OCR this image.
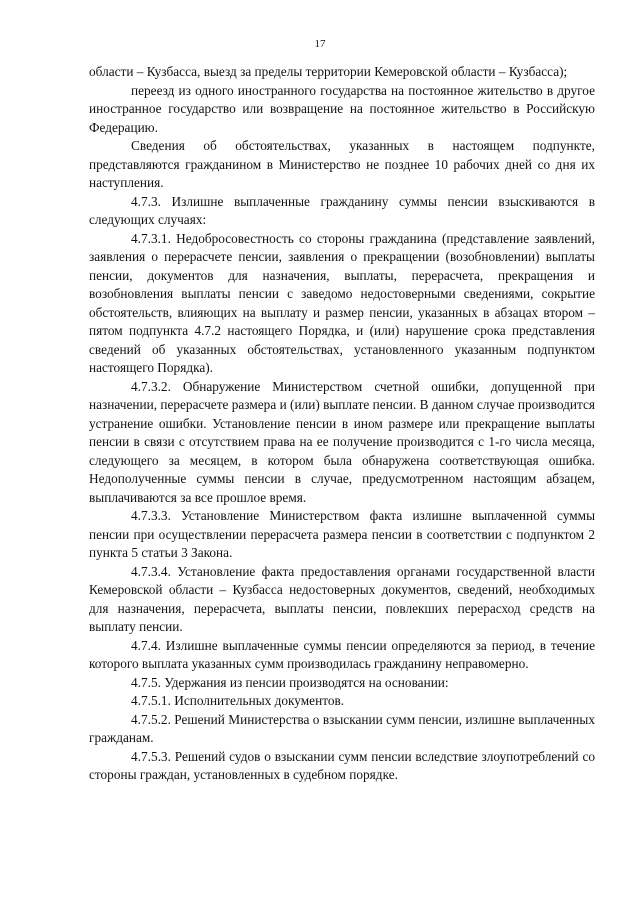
17

области – Кузбасса, выезд за пределы территории Кемеровской области – Кузбасса);

переезд из одного иностранного государства на постоянное жительство в другое иностранное государство или возвращение на постоянное жительство в Российскую Федерацию.

Сведения об обстоятельствах, указанных в настоящем подпункте, представляются гражданином в Министерство не позднее 10 рабочих дней со дня их наступления.

4.7.3. Излишне выплаченные гражданину суммы пенсии взыскиваются в следующих случаях:

4.7.3.1. Недобросовестность со стороны гражданина (представление заявлений, заявления о перерасчете пенсии, заявления о прекращении (возобновлении) выплаты пенсии, документов для назначения, выплаты, перерасчета, прекращения и возобновления выплаты пенсии с заведомо недостоверными сведениями, сокрытие обстоятельств, влияющих на выплату и размер пенсии, указанных в абзацах втором – пятом подпункта 4.7.2 настоящего Порядка, и (или) нарушение срока представления сведений об указанных обстоятельствах, установленного указанным подпунктом настоящего Порядка).

4.7.3.2. Обнаружение Министерством счетной ошибки, допущенной при назначении, перерасчете размера и (или) выплате пенсии. В данном случае производится устранение ошибки. Установление пенсии в ином размере или прекращение выплаты пенсии в связи с отсутствием права на ее получение производится с 1-го числа месяца, следующего за месяцем, в котором была обнаружена соответствующая ошибка. Недополученные суммы пенсии в случае, предусмотренном настоящим абзацем, выплачиваются за все прошлое время.

4.7.3.3. Установление Министерством факта излишне выплаченной суммы пенсии при осуществлении перерасчета размера пенсии в соответствии с подпунктом 2 пункта 5 статьи 3 Закона.

4.7.3.4. Установление факта предоставления органами государственной власти Кемеровской области – Кузбасса недостоверных документов, сведений, необходимых для назначения, перерасчета, выплаты пенсии, повлекших перерасход средств на выплату пенсии.

4.7.4. Излишне выплаченные суммы пенсии определяются за период, в течение которого выплата указанных сумм производилась гражданину неправомерно.

4.7.5. Удержания из пенсии производятся на основании:

4.7.5.1. Исполнительных документов.

4.7.5.2. Решений Министерства о взыскании сумм пенсии, излишне выплаченных гражданам.

4.7.5.3. Решений судов о взыскании сумм пенсии вследствие злоупотреблений со стороны граждан, установленных в судебном порядке.
